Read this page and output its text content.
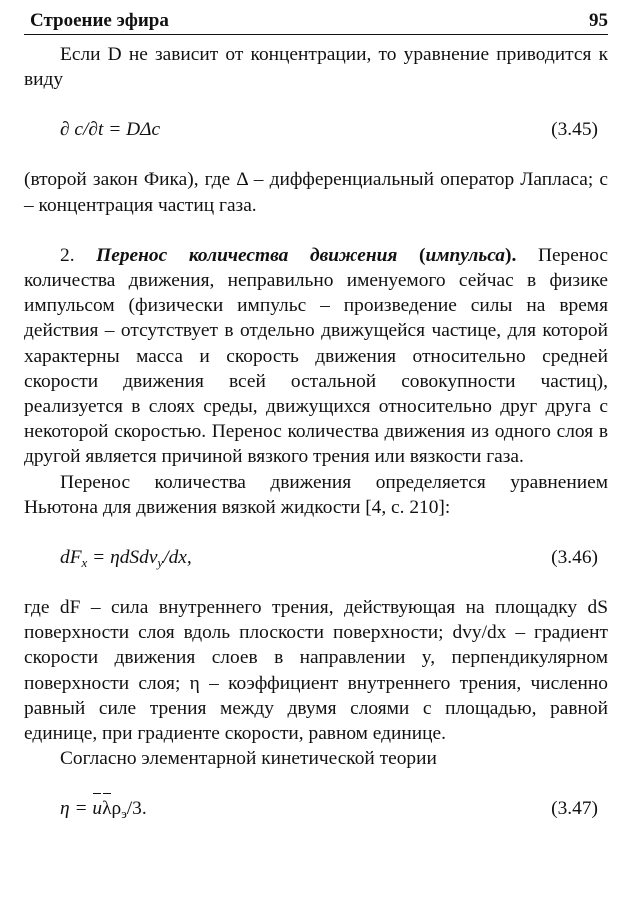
Строение эфира	95

Если D не зависит от концентрации, то уравнение приводится к виду

∂ c/∂t = DΔc	(3.45)

(второй закон Фика), где Δ – дифференциальный оператор Лапласа; c – концентрация частиц газа.

2. Перенос количества движения (импульса). Перенос количества движения, неправильно именуемого сейчас в физике импульсом (физически импульс – произведение силы на время действия – отсутствует в отдельно движущейся частице, для которой характерны масса и скорость движения относительно средней скорости движения всей остальной совокупности частиц), реализуется в слоях среды, движущихся относительно друг друга с некоторой скоростью. Перенос количества движения из одного слоя в другой является причиной вязкого трения или вязкости газа.

Перенос количества движения определяется уравнением Ньютона для движения вязкой жидкости [4, с. 210]:

$dF_x$ = ηdSdv$_y$/dx,	(3.46)

где dF – сила внутреннего трения, действующая на площадку dS поверхности слоя вдоль плоскости поверхности; dvy/dx – градиент скорости движения слоев в направлении y, перпендикулярном поверхности слоя; η – коэффициент внутреннего трения, численно равный силе трения между двумя слоями с площадью, равной единице, при градиенте скорости, равном единице.

Согласно элементарной кинетической теории

η = uλρ$_э$/3.	(3.47)
